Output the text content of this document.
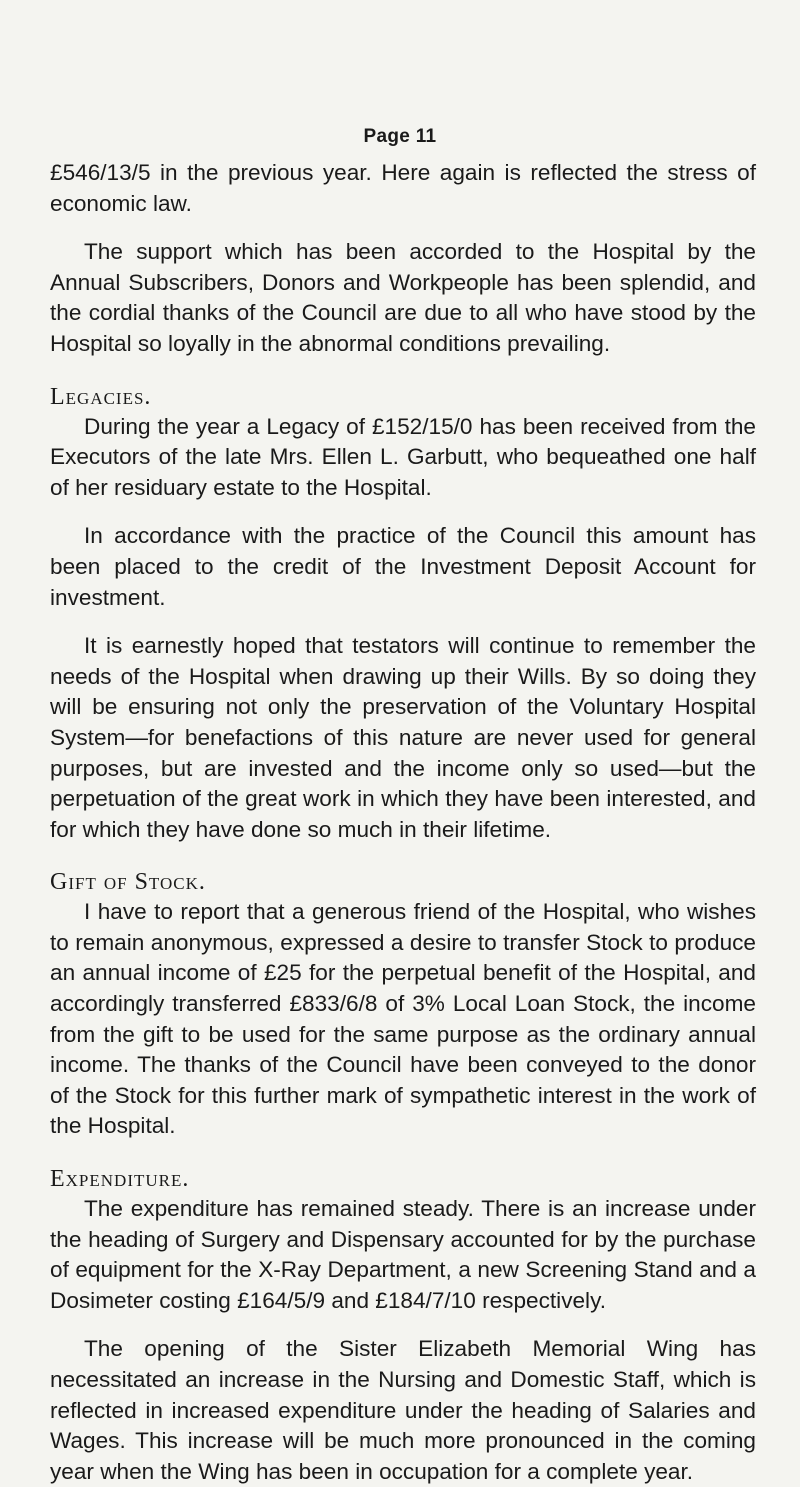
Page 11

£546/13/5 in the previous year. Here again is reflected the stress of economic law.

The support which has been accorded to the Hospital by the Annual Subscribers, Donors and Workpeople has been splendid, and the cordial thanks of the Council are due to all who have stood by the Hospital so loyally in the abnormal conditions prevailing.

Legacies.

During the year a Legacy of £152/15/0 has been received from the Executors of the late Mrs. Ellen L. Garbutt, who bequeathed one half of her residuary estate to the Hospital.

In accordance with the practice of the Council this amount has been placed to the credit of the Investment Deposit Account for investment.

It is earnestly hoped that testators will continue to remember the needs of the Hospital when drawing up their Wills. By so doing they will be ensuring not only the preservation of the Voluntary Hospital System—for benefactions of this nature are never used for general purposes, but are invested and the income only so used—but the perpetuation of the great work in which they have been interested, and for which they have done so much in their lifetime.

Gift of Stock.

I have to report that a generous friend of the Hospital, who wishes to remain anonymous, expressed a desire to transfer Stock to produce an annual income of £25 for the perpetual benefit of the Hospital, and accordingly transferred £833/6/8 of 3% Local Loan Stock, the income from the gift to be used for the same purpose as the ordinary annual income. The thanks of the Council have been conveyed to the donor of the Stock for this further mark of sympathetic interest in the work of the Hospital.

Expenditure.

The expenditure has remained steady. There is an increase under the heading of Surgery and Dispensary accounted for by the purchase of equipment for the X-Ray Department, a new Screening Stand and a Dosimeter costing £164/5/9 and £184/7/10 respectively.

The opening of the Sister Elizabeth Memorial Wing has necessitated an increase in the Nursing and Domestic Staff, which is reflected in increased expenditure under the heading of Salaries and Wages. This increase will be much more pronounced in the coming year when the Wing has been in occupation for a complete year.
